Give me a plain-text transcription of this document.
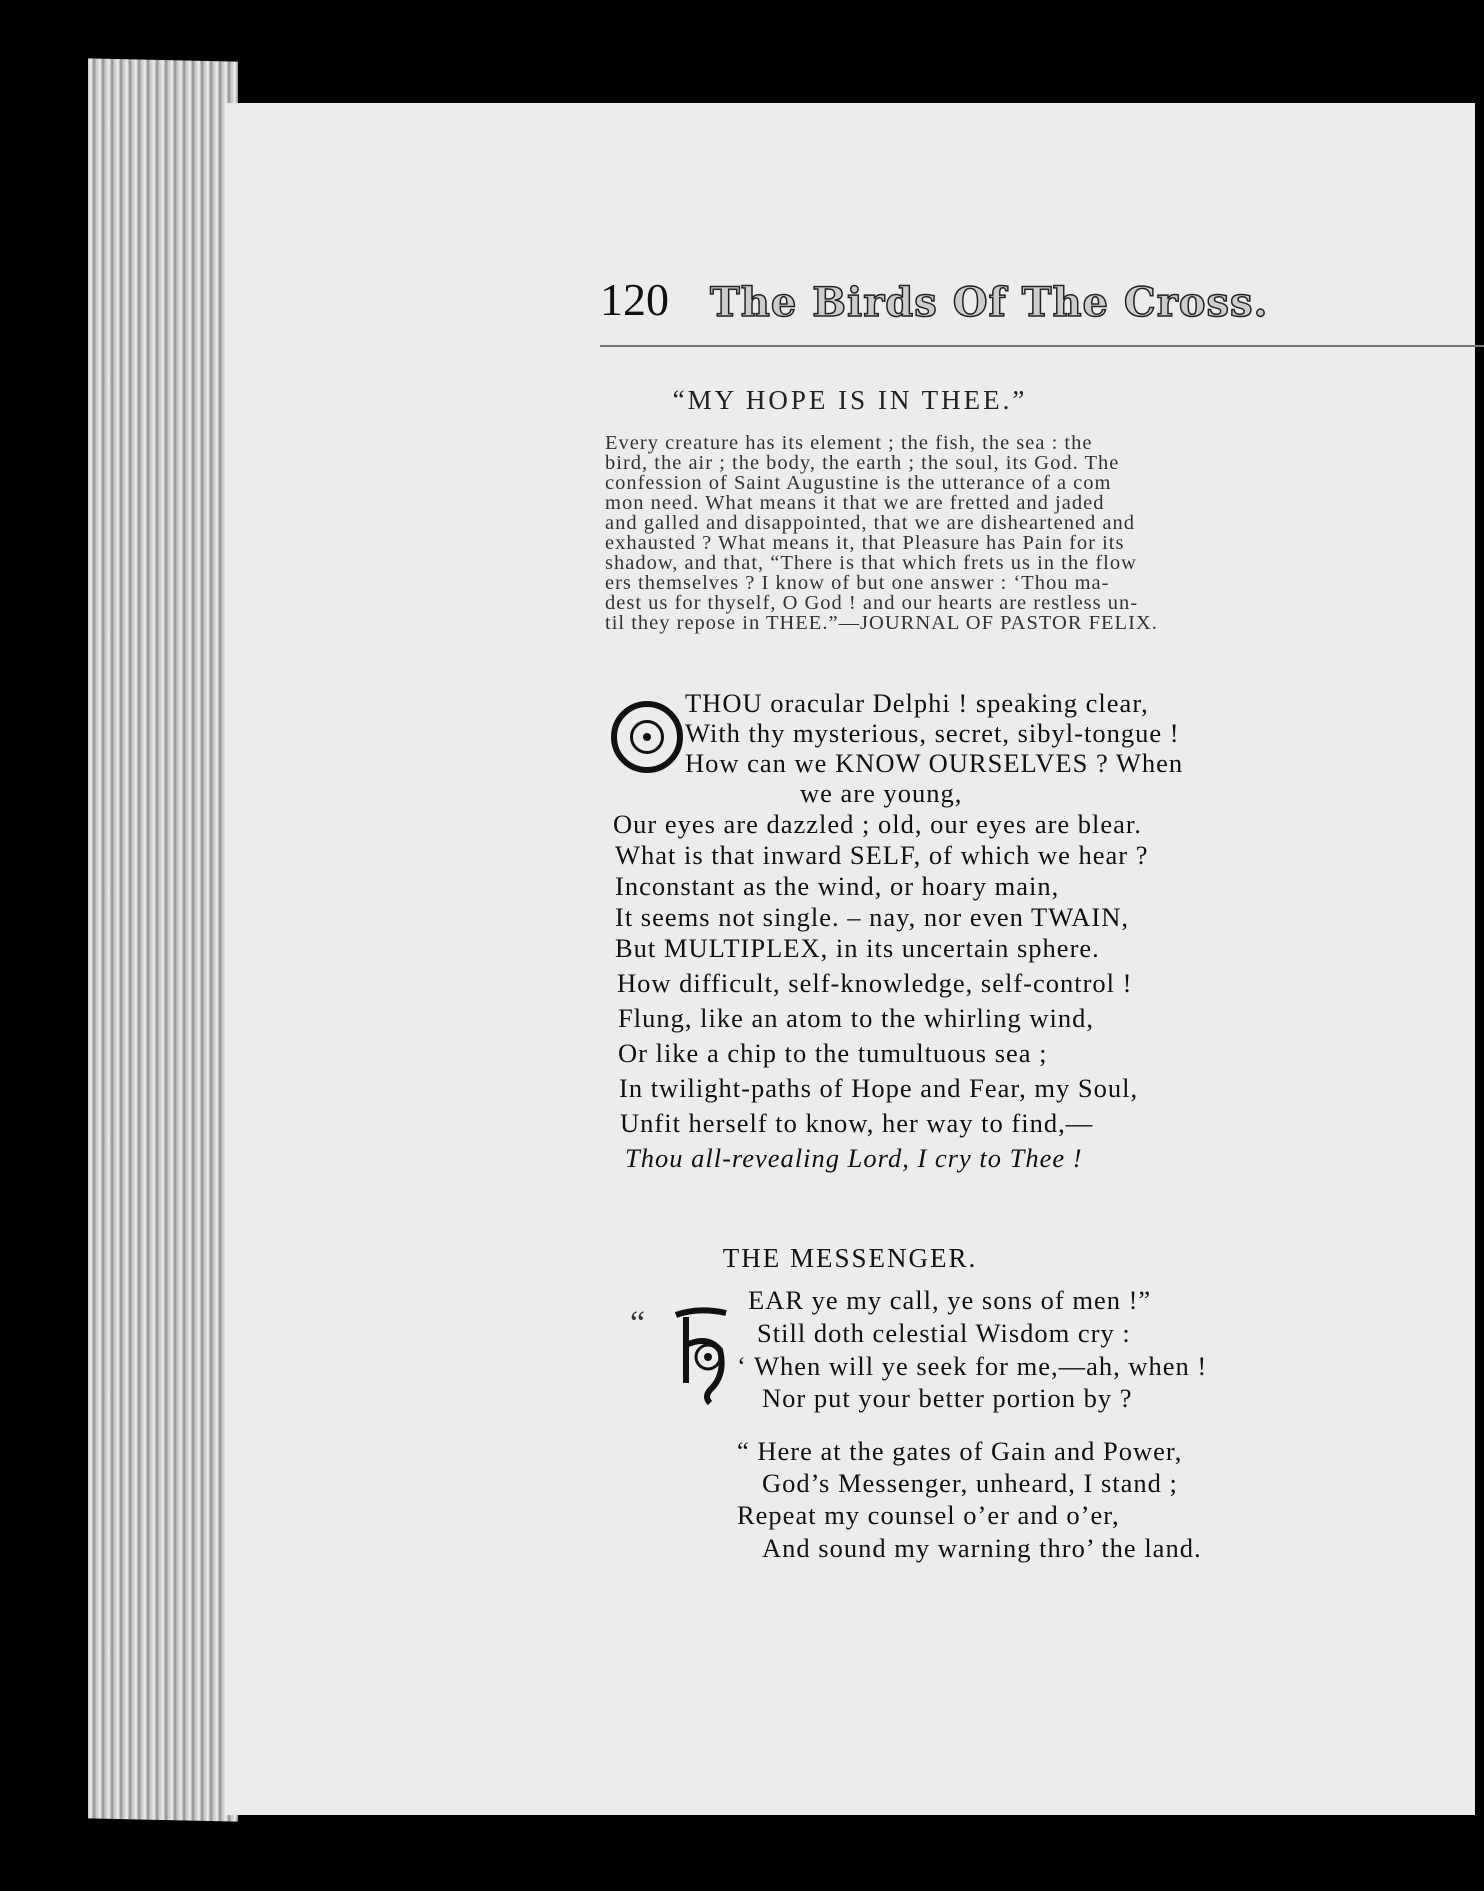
120 The Birds Of The Cross.
“MY HOPE IS IN THEE.”
Every creature has its element ; the fish, the sea : the
bird, the air ; the body, the earth ; the soul, its God. The
confession of Saint Augustine is the utterance of a com
mon need. What means it that we are fretted and jaded
and galled and disappointed, that we are disheartened and
exhausted ? What means it, that Pleasure has Pain for its
shadow, and that, “There is that which frets us in the flow
ers themselves ? I know of but one answer : ‘Thou ma-
dest us for thyself, O God ! and our hearts are restless un-
til they repose in THEE.”—JOURNAL OF PASTOR FELIX.
THOU oracular Delphi ! speaking clear,
With thy mysterious, secret, sibyl-tongue !
How can we KNOW OURSELVES ? When
we are young,
Our eyes are dazzled ; old, our eyes are blear.
What is that inward SELF, of which we hear ?
Inconstant as the wind, or hoary main,
It seems not single. – nay, nor even TWAIN,
But MULTIPLEX, in its uncertain sphere.
How difficult, self-knowledge, self-control !
Flung, like an atom to the whirling wind,
Or like a chip to the tumultuous sea ;
In twilight-paths of Hope and Fear, my Soul,
Unfit herself to know, her way to find,—
Thou all-revealing Lord, I cry to Thee !
THE MESSENGER.
“
EAR ye my call, ye sons of men !”
Still doth celestial Wisdom cry :
‘ When will ye seek for me,—ah, when !
Nor put your better portion by ?
“ Here at the gates of Gain and Power,
God’s Messenger, unheard, I stand ;
Repeat my counsel o’er and o’er,
And sound my warning thro’ the land.
